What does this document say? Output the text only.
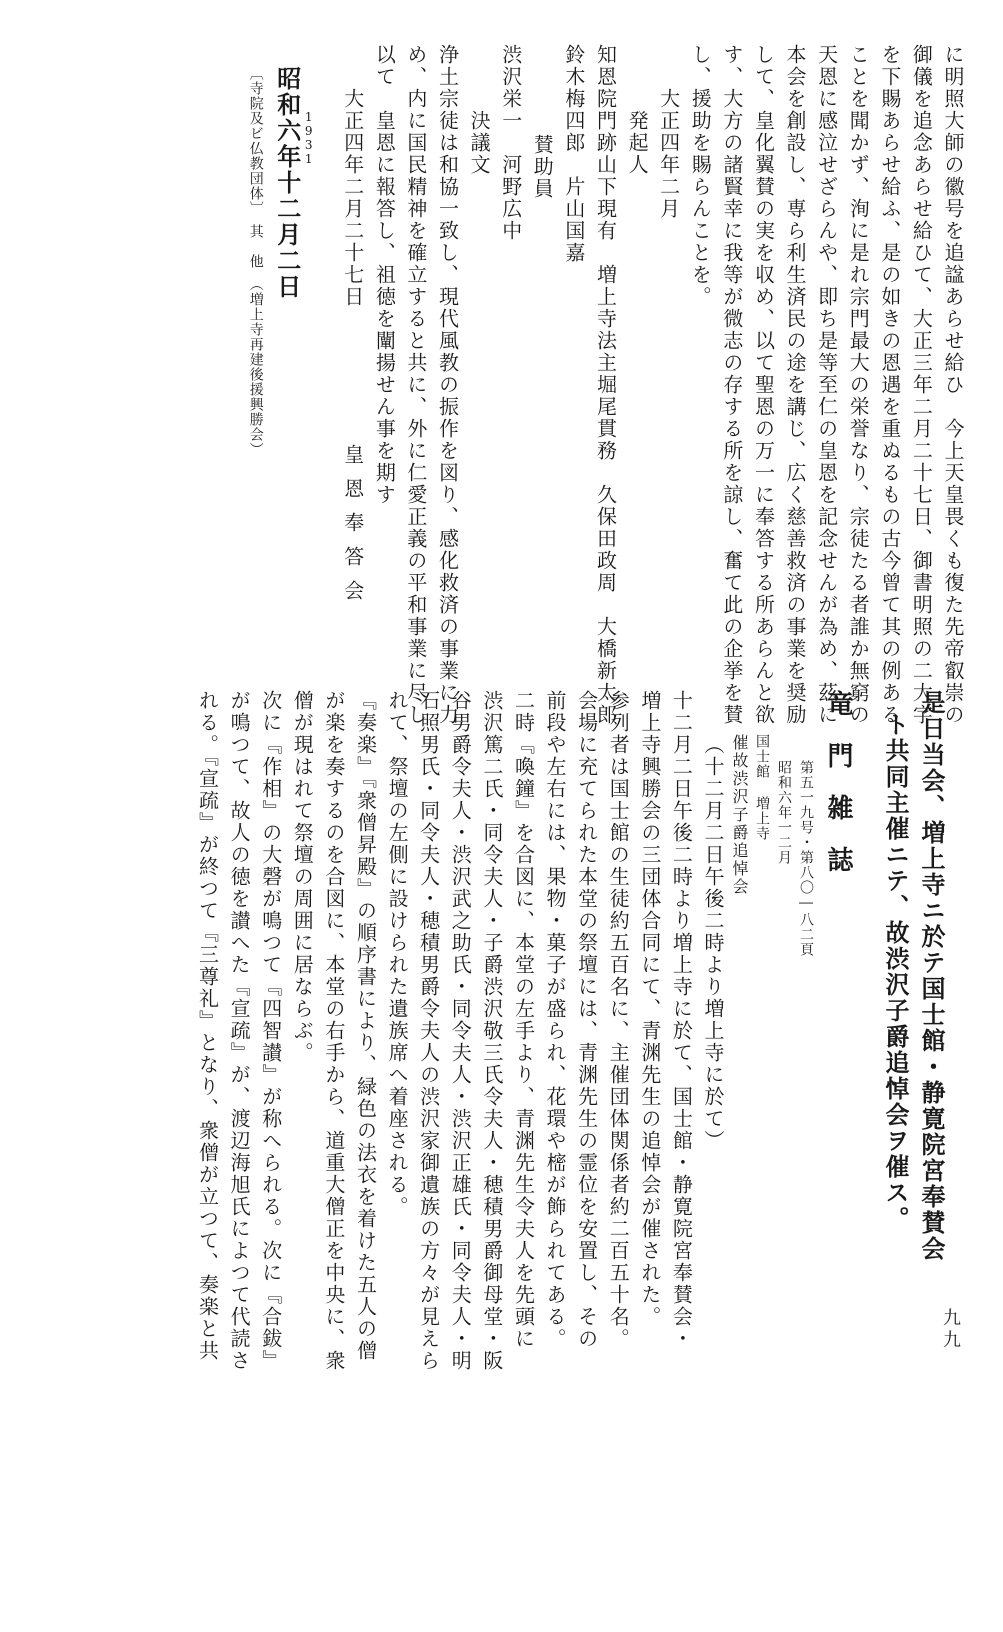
に明照大師の徽号を追諡あらせ給ひ　今上天皇畏くも復た先帝叡崇の
御儀を追念あらせ給ひて、大正三年二月二十七日、御書明照の二大字
を下賜あらせ給ふ、是の如きの恩遇を重ぬるもの古今曾て其の例ある
ことを聞かず、洵に是れ宗門最大の栄誉なり、宗徒たる者誰か無窮の
天恩に感泣せざらんや、即ち是等至仁の皇恩を記念せんが為め、茲に
本会を創設し、専ら利生済民の途を講じ、広く慈善救済の事業を奨励
して、皇化翼賛の実を収め、以て聖恩の万一に奉答する所あらんと欲
す、大方の諸賢幸に我等が微志の存する所を諒し、奮て此の企挙を賛
し、援助を賜らんことを。
大正四年二月
発起人
知恩院門跡山下現有　増上寺法主堀尾貫務　久保田政周　大橋新太郎
鈴木梅四郎　片山国嘉
賛助員
渋沢栄一　河野広中
決議文
浄土宗徒は和協一致し、現代風教の振作を図り、感化救済の事業に力
め、内に国民精神を確立すると共に、外に仁愛正義の平和事業に尽し
以て　皇恩に報答し、祖徳を闡揚せん事を期す
大正四年二月二十七日
皇恩奉答会
1931
昭和六年十二月二日
〔寺院及ビ仏教団体〕　其　他　（増上寺再建後援興勝会）
是日当会、増上寺ニ於テ国士館・静寛院宮奉賛会
ト共同主催ニテ、故渋沢子爵追悼会ヲ催ス。
竜門雑誌
第五一九号・第八〇―八二頁
昭和六年一二月
国士館 増上寺
催故渋沢子爵追悼会
（十二月二日午後二時より増上寺に於て）
十二月二日午後二時より増上寺に於て、国士館・静寛院宮奉賛会・
増上寺興勝会の三団体合同にて、青渊先生の追悼会が催された。
参列者は国士館の生徒約五百名に、主催団体関係者約二百五十名。
会場に充てられた本堂の祭壇には、青渊先生の霊位を安置し、その
前段や左右には、果物・菓子が盛られ、花環や樒が飾られてある。
二時『喚鐘』を合図に、本堂の左手より、青渊先生令夫人を先頭に
渋沢篤二氏・同令夫人・子爵渋沢敬三氏令夫人・穂積男爵御母堂・阪
谷男爵令夫人・渋沢武之助氏・同令夫人・渋沢正雄氏・同令夫人・明
石照男氏・同令夫人・穂積男爵令夫人の渋沢家御遺族の方々が見えら
れて、祭壇の左側に設けられた遺族席へ着座される。
『奏楽』『衆僧昇殿』の順序書により、緑色の法衣を着けた五人の僧
が楽を奏するのを合図に、本堂の右手から、道重大僧正を中央に、衆
僧が現はれて祭壇の周囲に居ならぶ。
次に『作相』の大磬が鳴つて『四智讃』が称へられる。次に『合鈸』
が鳴つて、故人の徳を讃へた『宣疏』が、渡辺海旭氏によつて代読さ
れる。『宣疏』が終つて『三尊礼』となり、衆僧が立つて、奏楽と共	九九
